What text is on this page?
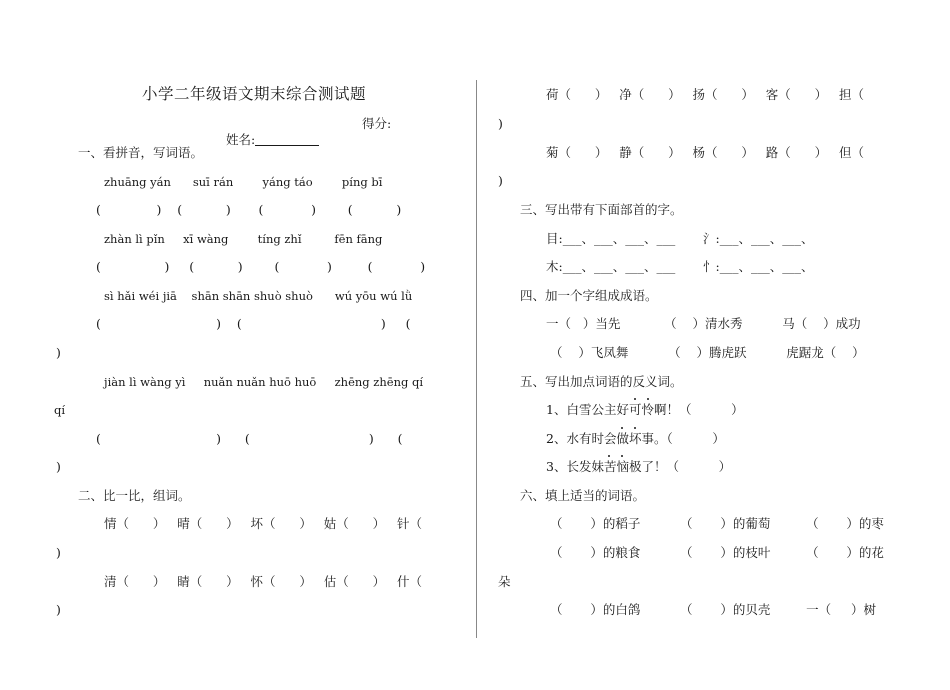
小学二年级语文期末综合测试题

姓名:

得分:
一、看拼音，写词语。
zhuāng yán      suī rán        yáng táo        píng bī
(              )    (           )       (            )        (           )
zhàn lì pǐn     xī wàng        tíng zhǐ         fēn fāng
(                )     (           )        (            )         (            )
sì hǎi wéi jiā    shān shān shuò shuò      wú yōu wú lǜ
(                             )    (                                   )     (
)
jiàn lì wàng yì     nuǎn nuǎn huō huō     zhēng zhēng qí
qí
(                             )      (                              )      (
)
二、比一比，组词。
情（      ）   晴（      ）   坏（      ）   姑（      ）   针（
)
清（      ）   睛（      ）   怀（      ）   估（      ）   什（
)
荷（      ）   净（      ）   扬（      ）   客（      ）   担（
)
菊（      ）   静（      ）   杨（      ）   路（      ）   但（
)
三、写出带有下面部首的字。
目:___、___、___、___       氵:___、___、___、
木:___、___、___、___       忄:___、___、___、
四、加一个字组成成语。
一（   ）当先           （    ）清水秀          马（    ）成功
（    ）飞凤舞          （    ）腾虎跃          虎踞龙（    ）
五、写出加点词语的反义词。
1、白雪公主好可怜啊！（          ）
2、水有时会做坏事。（          ）
3、长发妹苦恼极了！（          ）
六、填上适当的词语。
（       ）的稻子          （       ）的葡萄         （       ）的枣
（       ）的粮食          （       ）的枝叶         （       ）的花
朵
（       ）的白鸽          （       ）的贝壳         一（     ）树
